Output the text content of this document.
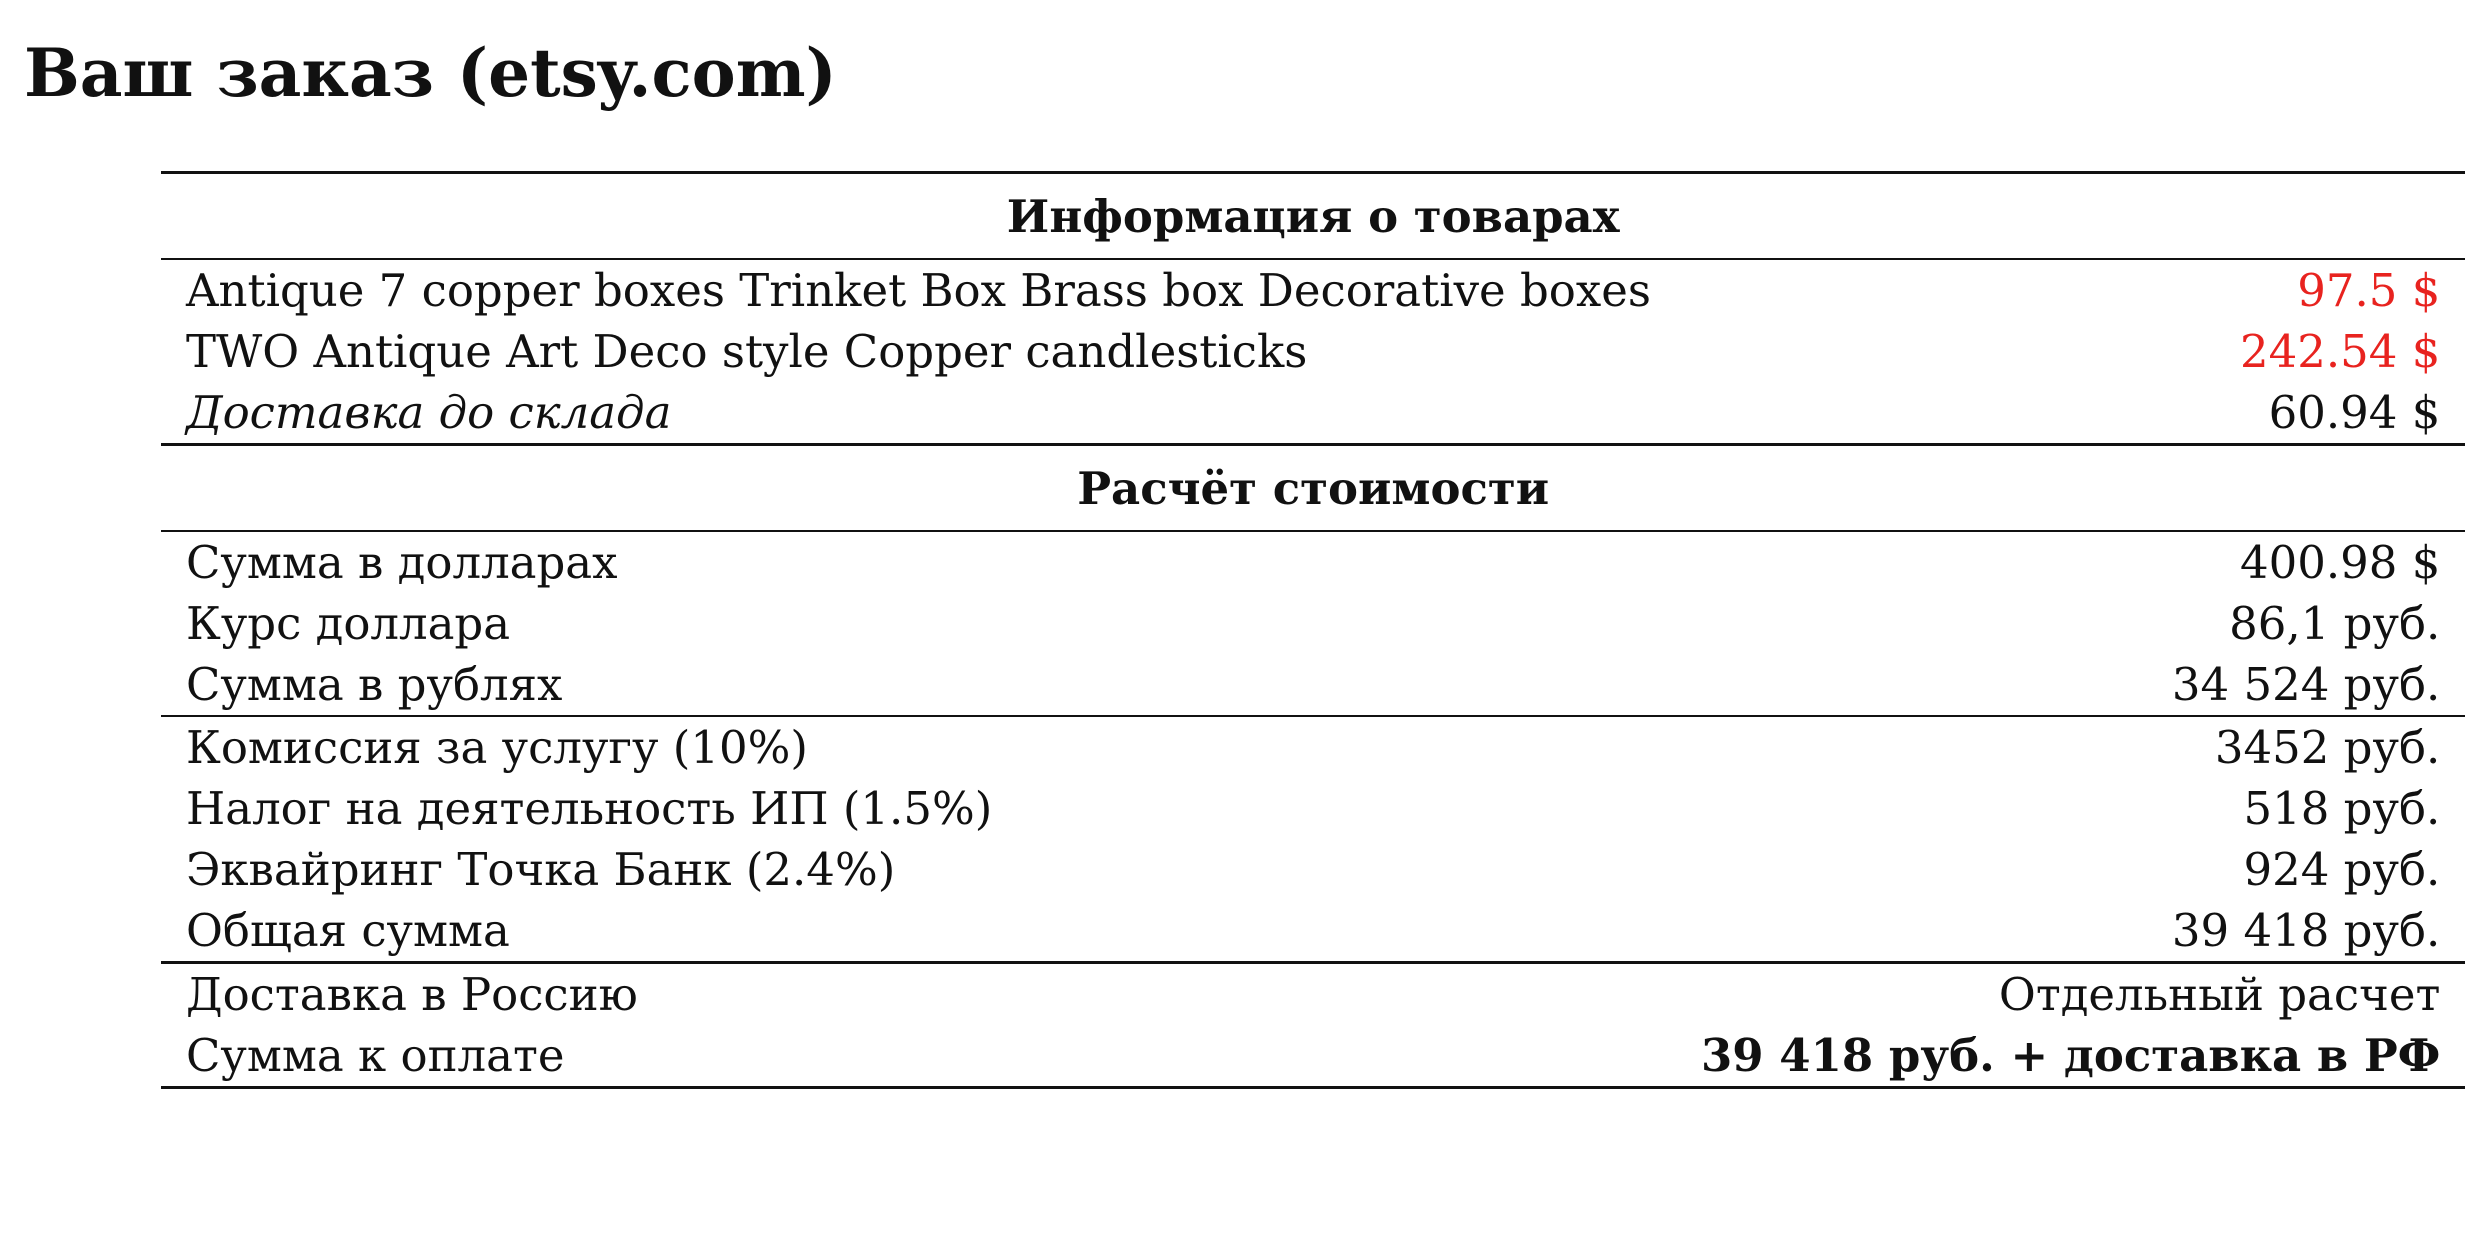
Ваш заказ (etsy.com)
Информация о товарах	
Antique 7 copper boxes Trinket Box Brass box Decorative boxes	97.5 $
TWO Antique Art Deco style Copper candlesticks	242.54 $
Доставка до склада	60.94 $
Расчёт стоимости	
Сумма в долларах	400.98 $
Курс доллара	86,1 руб.
Сумма в рублях	34 524 руб.
Комиссия за услугу (10%)	3452 руб.
Налог на деятельность ИП (1.5%)	518 руб.
Эквайринг Точка Банк (2.4%)	924 руб.
Общая сумма	39 418 руб.
Доставка в Россию	Отдельный расчет
Сумма к оплате	39 418 руб. + доставка в РФ
